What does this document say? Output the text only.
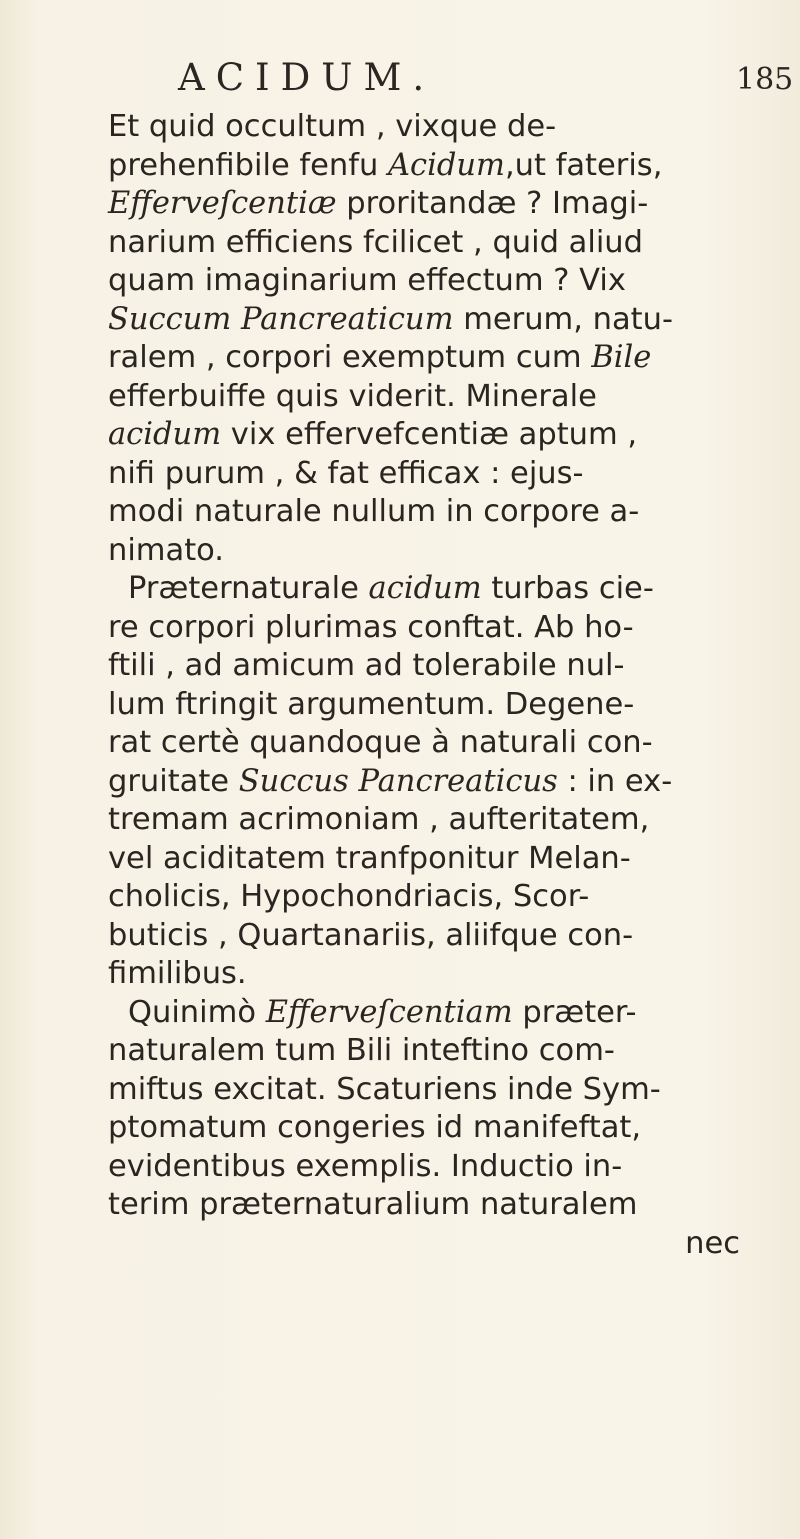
ACIDUM.	185
Et quid occultum , vixque de-
prehenfibile fenfu Acidum,ut fateris,
Efferveſcentiæ proritandæ ? Imagi-
narium efficiens fcilicet , quid aliud
quam imaginarium effectum ? Vix
Succum Pancreaticum merum, natu-
ralem , corpori exemptum cum Bile
efferbuiffe quis viderit. Minerale
acidum vix effervefcentiæ aptum ,
nifi purum , & fat efficax : ejus-
modi naturale nullum in corpore a-
nimato.
Præternaturale acidum turbas cie-
re corpori plurimas conftat. Ab ho-
ftili , ad amicum ad tolerabile nul-
lum ftringit argumentum. Degene-
rat certè quandoque à naturali con-
gruitate Succus Pancreaticus : in ex-
tremam acrimoniam , aufteritatem,
vel aciditatem tranfponitur Melan-
cholicis, Hypochondriacis, Scor-
buticis , Quartanariis, aliifque con-
fimilibus.
Quinimò Efferveſcentiam præter-
naturalem tum Bili inteftino com-
miftus excitat. Scaturiens inde Sym-
ptomatum congeries id manifeftat,
evidentibus exemplis. Inductio in-
terim præternaturalium naturalem
nec
